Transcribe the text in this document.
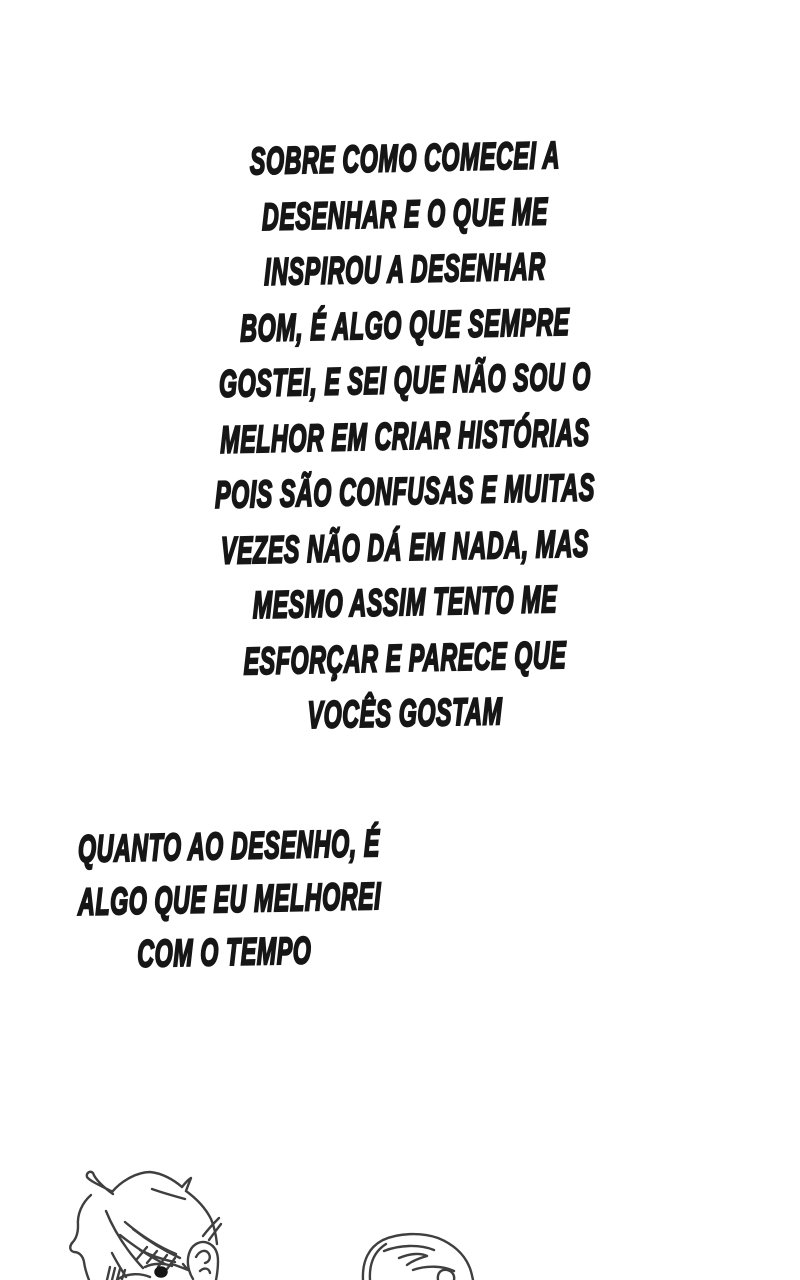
SOBRE COMO COMECEI A
DESENHAR E O QUE ME
INSPIROU A DESENHAR
BOM, É ALGO QUE SEMPRE
GOSTEI, E SEI QUE NÃO SOU O
MELHOR EM CRIAR HISTÓRIAS
POIS SÃO CONFUSAS E MUITAS
VEZES NÃO DÁ EM NADA, MAS
MESMO ASSIM TENTO ME
ESFORÇAR E PARECE QUE
VOCÊS GOSTAM
QUANTO AO DESENHO, É
ALGO QUE EU MELHOREI
COM O TEMPO
